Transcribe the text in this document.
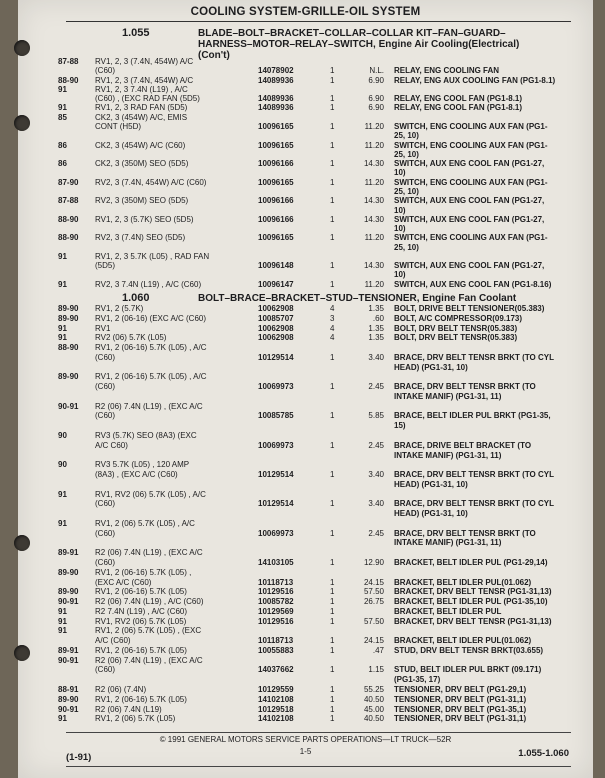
COOLING SYSTEM-GRILLE-OIL SYSTEM
1.055	BLADE–BOLT–BRACKET–COLLAR–COLLAR KIT–FAN–GUARD–
HARNESS–MOTOR–RELAY–SWITCH, Engine Air Cooling(Electrical)
(Con't)
1.060	BOLT–BRACE–BRACKET–STUD–TENSIONER, Engine Fan Coolant
87-88 RV1, 2, 3 (7.4N, 454W) A/C
(C60)	14078902	1	N.L. RELAY, ENG COOLING FAN
88-90 RV1, 2, 3 (7.4N, 454W) A/C	14089936	1	6.90 RELAY, ENG AUX COOLING FAN (PG1-8.1)
91	RV1, 2, 3 7.4N (L19) , A/C
(C60) , (EXC RAD FAN (5D5)	14089936	1	6.90 RELAY, ENG COOL FAN (PG1-8.1)
91	RV1, 2, 3 RAD FAN (5D5)	14089936	1	6.90 RELAY, ENG COOL FAN (PG1-8.1)
85	CK2, 3 (454W) A/C, EMIS
CONT (H5D)	10096165	1	11.20 SWITCH, ENG COOLING AUX FAN (PG1-
25, 10)
86	CK2, 3 (454W) A/C (C60)	10096165	1	11.20 SWITCH, ENG COOLING AUX FAN (PG1-
25, 10)
86	CK2, 3 (350M) SEO (5D5)	10096166	1	14.30 SWITCH, AUX ENG COOL FAN (PG1-27,
10)
87-90 RV2, 3 (7.4N, 454W) A/C (C60)	10096165	1	11.20 SWITCH, ENG COOLING AUX FAN (PG1-
25, 10)
87-88 RV2, 3 (350M) SEO (5D5)	10096166	1	14.30 SWITCH, AUX ENG COOL FAN (PG1-27,
10)
88-90 RV1, 2, 3 (5.7K) SEO (5D5)	10096166	1	14.30 SWITCH, AUX ENG COOL FAN (PG1-27,
10)
88-90 RV2, 3 (7.4N) SEO (5D5)	10096165	1	11.20 SWITCH, ENG COOLING AUX FAN (PG1-
25, 10)
91	RV1, 2, 3 5.7K (L05) , RAD FAN
(5D5)	10096148	1	14.30 SWITCH, AUX ENG COOL FAN (PG1-27,
10)
91	RV2, 3 7.4N (L19) , A/C (C60)	10096147	1	11.20 SWITCH, AUX ENG COOL FAN (PG1-8.16)
89-90 RV1, 2 (5.7K)	10062908	4	1.35 BOLT, DRIVE BELT TENSIONER(05.383)
89-90 RV1, 2 (06-16) (EXC A/C (C60)	10085707	3	.60 BOLT, A/C COMPRESSOR(09.173)
91	RV1	10062908	4	1.35 BOLT, DRV BELT TENSR(05.383)
91	RV2 (06) 5.7K (L05)	10062908	4	1.35 BOLT, DRV BELT TENSR(05.383)
88-90 RV1, 2 (06-16) 5.7K (L05) , A/C
(C60)	10129514	1	3.40 BRACE, DRV BELT TENSR BRKT (TO CYL
HEAD) (PG1-31, 10)
89-90 RV1, 2 (06-16) 5.7K (L05) , A/C
(C60)	10069973	1	2.45 BRACE, DRV BELT TENSR BRKT (TO
INTAKE MANIF) (PG1-31, 11)
90-91 R2 (06) 7.4N (L19) , (EXC A/C
(C60)	10085785	1	5.85 BRACE, BELT IDLER PUL BRKT (PG1-35,
15)
90	RV3 (5.7K) SEO (8A3) (EXC
A/C C60)	10069973	1	2.45 BRACE, DRIVE BELT BRACKET (TO
INTAKE MANIF) (PG1-31, 11)
90	RV3 5.7K (L05) , 120 AMP
(8A3) , (EXC A/C (C60)	10129514	1	3.40 BRACE, DRV BELT TENSR BRKT (TO CYL
HEAD) (PG1-31, 10)
91	RV1, RV2 (06) 5.7K (L05) , A/C
(C60)	10129514	1	3.40 BRACE, DRV BELT TENSR BRKT (TO CYL
HEAD) (PG1-31, 10)
91	RV1, 2 (06) 5.7K (L05) , A/C
(C60)	10069973	1	2.45 BRACE, DRV BELT TENSR BRKT (TO
INTAKE MANIF) (PG1-31, 11)
89-91 R2 (06) 7.4N (L19) , (EXC A/C
(C60)	14103105	1	12.90 BRACKET, BELT IDLER PUL (PG1-29,14)
89-90 RV1, 2 (06-16) 5.7K (L05) ,
(EXC A/C (C60)	10118713	1	24.15 BRACKET, BELT IDLER PUL(01.062)
89-90 RV1, 2 (06-16) 5.7K (L05)	10129516	1	57.50 BRACKET, DRV BELT TENSR (PG1-31,13)
90-91 R2 (06) 7.4N (L19) , A/C (C60)	10085782	1	26.75 BRACKET, BELT IDLER PUL (PG1-35,10)
91	R2 7.4N (L19) , A/C (C60)	10129569	1	BRACKET, BELT IDLER PUL
91	RV1, RV2 (06) 5.7K (L05)	10129516	1	57.50 BRACKET, DRV BELT TENSR (PG1-31,13)
91	RV1, 2 (06) 5.7K (L05) , (EXC
A/C (C60)	10118713	1	24.15 BRACKET, BELT IDLER PUL(01.062)
89-91 RV1, 2 (06-16) 5.7K (L05)	10055883	1	.47 STUD, DRV BELT TENSR BRKT(03.655)
90-91 R2 (06) 7.4N (L19) , (EXC A/C
(C60)	14037662	1	1.15 STUD, BELT IDLER PUL BRKT (09.171)
(PG1-35, 17)
88-91 R2 (06) (7.4N)	10129559	1	55.25 TENSIONER, DRV BELT (PG1-29,1)
89-90 RV1, 2 (06-16) 5.7K (L05)	14102108	1	40.50 TENSIONER, DRV BELT (PG1-31,1)
90-91 R2 (06) 7.4N (L19)	10129518	1	45.00 TENSIONER, DRV BELT (PG1-35,1)
91	RV1, 2 (06) 5.7K (L05)	14102108	1	40.50 TENSIONER, DRV BELT (PG1-31,1)
© 1991 GENERAL MOTORS SERVICE PARTS OPERATIONS—LT TRUCK—52R
1-5
(1-91)	1.055-1.060
